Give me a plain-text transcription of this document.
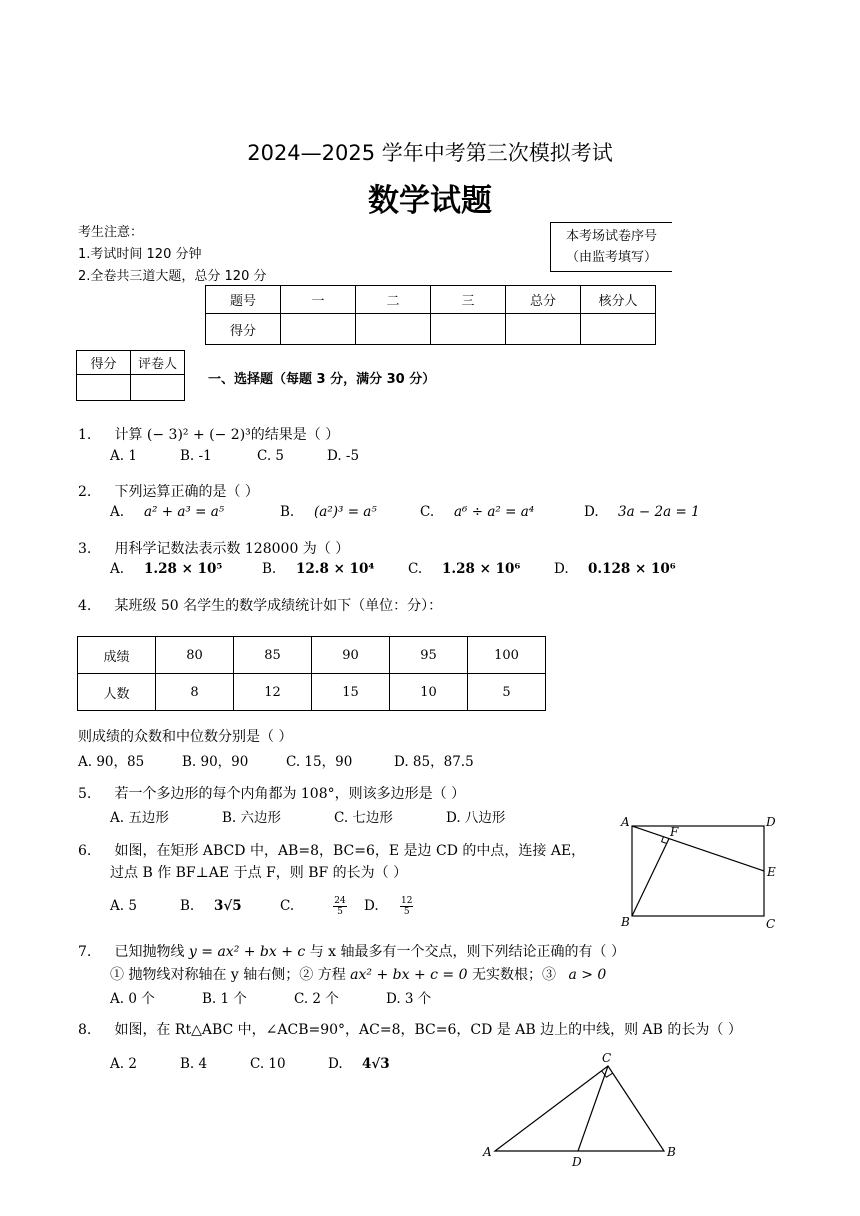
2024—2025 学年中考第三次模拟考试
数学试题
考生注意：
1.考试时间 120 分钟
2.全卷共三道大题，总分 120 分
本考场试卷序号
（由监考填写）
题号	一	二	三	总分	核分人
得分					
得分	评卷人

一、选择题（每题 3 分，满分 30 分）
1. 计算 (− 3)² + (− 2)³的结果是（ ）
A. 1	B. -1	C. 5	D. -5
2. 下列运算正确的是（ ）
A. a² + a³ = a⁵	B. (a²)³ = a⁵	C. a⁶ ÷ a² = a⁴	D. 3a − 2a = 1
3. 用科学记数法表示数 128000 为（ ）
A. 1.28 × 10⁵	B. 12.8 × 10⁴ C. 1.28 × 10⁶ D. 0.128 × 10⁶
4. 某班级 50 名学生的数学成绩统计如下（单位：分）：
成绩	80	85	90	95	100
人数	8	12	15	10	5
则成绩的众数和中位数分别是（ ）
A. 90，85	B. 90，90	C. 15，90	D. 85，87.5
5. 若一个多边形的每个内角都为 108°，则该多边形是（ ）
A. 五边形	B. 六边形	C. 七边形	D. 八边形
6. 如图，在矩形 ABCD 中，AB=8，BC=6，E 是边 CD 的中点，连接 AE，
过点 B 作 BF⊥AE 于点 F，则 BF 的长为（ ）
A. 5	B. 3√5	C. $\frac{24}{5} D$. $\frac{12}{5}$
A
F
D
E
B	C
7. 已知抛物线 y = ax² + bx + c 与 x 轴最多有一个交点，则下列结论正确的有（ ）
① 抛物线对称轴在 y 轴右侧；② 方程 ax² + bx + c = 0 无实数根；③ a > 0
A. 0 个	B. 1 个	C. 2 个	D. 3 个
8. 如图，在 Rt△ABC 中，∠ACB=90°，AC=8，BC=6，CD 是 AB 边上的中线，则 AB 的长为（ ）
A. 2	B. 4	C. 10	D. 4√3	C
A
D
B
